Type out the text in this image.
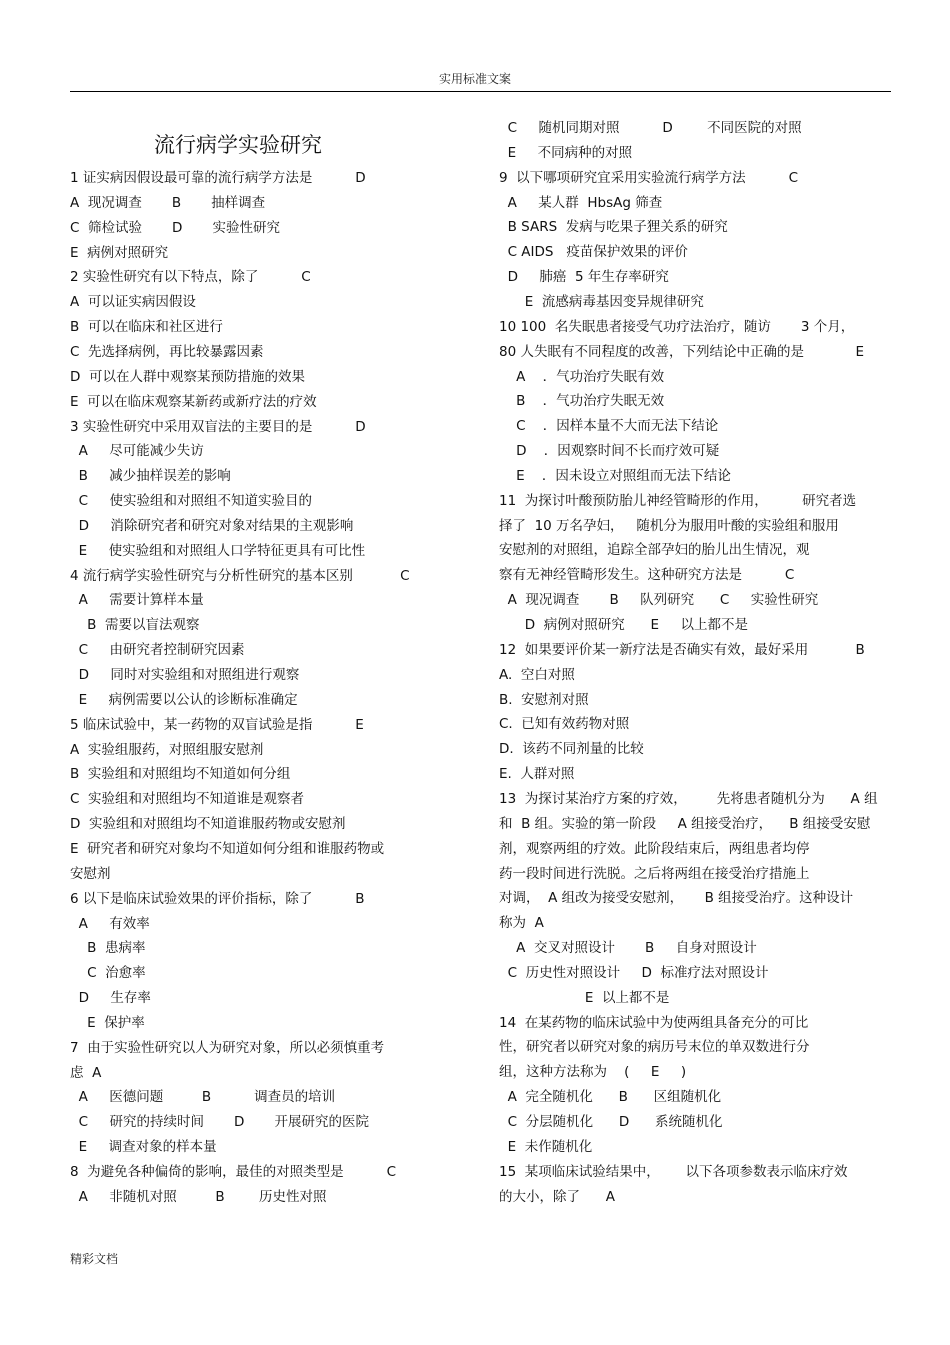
实用标准文案
流行病学实验研究
1 证实病因假设最可靠的流行病学方法是          D
A  现况调查       B       抽样调查
C  筛检试验       D       实验性研究
E  病例对照研究
2 实验性研究有以下特点，除了          C
A  可以证实病因假设
B  可以在临床和社区进行
C  先选择病例，再比较暴露因素
D  可以在人群中观察某预防措施的效果
E  可以在临床观察某新药或新疗法的疗效
3 实验性研究中采用双盲法的主要目的是          D
A     尽可能减少失访
B     减少抽样误差的影响
C     使实验组和对照组不知道实验目的
D     消除研究者和研究对象对结果的主观影响
E     使实验组和对照组人口学特征更具有可比性
4 流行病学实验性研究与分析性研究的基本区别           C
A     需要计算样本量
B  需要以盲法观察
C     由研究者控制研究因素
D     同时对实验组和对照组进行观察
E     病例需要以公认的诊断标准确定
5 临床试验中，某一药物的双盲试验是指          E
A  实验组服药，对照组服安慰剂
B  实验组和对照组均不知道如何分组
C  实验组和对照组均不知道谁是观察者
D  实验组和对照组均不知道谁服药物或安慰剂
E  研究者和研究对象均不知道如何分组和谁服药物或
安慰剂
6 以下是临床试验效果的评价指标，除了          B
A     有效率
B  患病率
C  治愈率
D     生存率
E  保护率
7  由于实验性研究以人为研究对象，所以必须慎重考
虑  A
A     医德问题         B          调查员的培训
C     研究的持续时间       D       开展研究的医院
E     调查对象的样本量
8  为避免各种偏倚的影响，最佳的对照类型是          C
A     非随机对照         B        历史性对照
C     随机同期对照          D        不同医院的对照
E     不同病种的对照
9  以下哪项研究宜采用实验流行病学方法          C
A     某人群  HbsAg 筛查
B SARS  发病与吃果子狸关系的研究
C AIDS   疫苗保护效果的评价
D     肺癌  5 年生存率研究
E  流感病毒基因变异规律研究
10 100  名失眠患者接受气功疗法治疗，随访       3 个月，
80 人失眠有不同程度的改善，下列结论中正确的是            E
A    ．气功治疗失眠有效
B    ．气功治疗失眠无效
C    ．因样本量不大而无法下结论
D    ．因观察时间不长而疗效可疑
E    ．因未设立对照组而无法下结论
11  为探讨叶酸预防胎儿神经管畸形的作用，        研究者选
择了  10 万名孕妇，   随机分为服用叶酸的实验组和服用
安慰剂的对照组，追踪全部孕妇的胎儿出生情况，观
察有无神经管畸形发生。这种研究方法是          C
A  现况调查       B     队列研究      C     实验性研究
D  病例对照研究      E     以上都不是
12  如果要评价某一新疗法是否确实有效，最好采用           B
A.  空白对照
B.  安慰剂对照
C.  已知有效药物对照
D.  该药不同剂量的比较
E.  人群对照
13  为探讨某治疗方案的疗效，       先将患者随机分为      A 组
和  B 组。实验的第一阶段     A 组接受治疗，    B 组接受安慰
剂，观察两组的疗效。此阶段结束后，两组患者均停
药一段时间进行洗脱。之后将两组在接受治疗措施上
对调，  A 组改为接受安慰剂，     B 组接受治疗。这种设计
称为  A
A  交叉对照设计       B     自身对照设计
C  历史性对照设计     D  标准疗法对照设计
E  以上都不是
14  在某药物的临床试验中为使两组具备充分的可比
性，研究者以研究对象的病历号末位的单双数进行分
组，这种方法称为    (     E     )
A  完全随机化      B      区组随机化
C  分层随机化      D      系统随机化
E  未作随机化
15  某项临床试验结果中，      以下各项参数表示临床疗效
的大小，除了      A
精彩文档
